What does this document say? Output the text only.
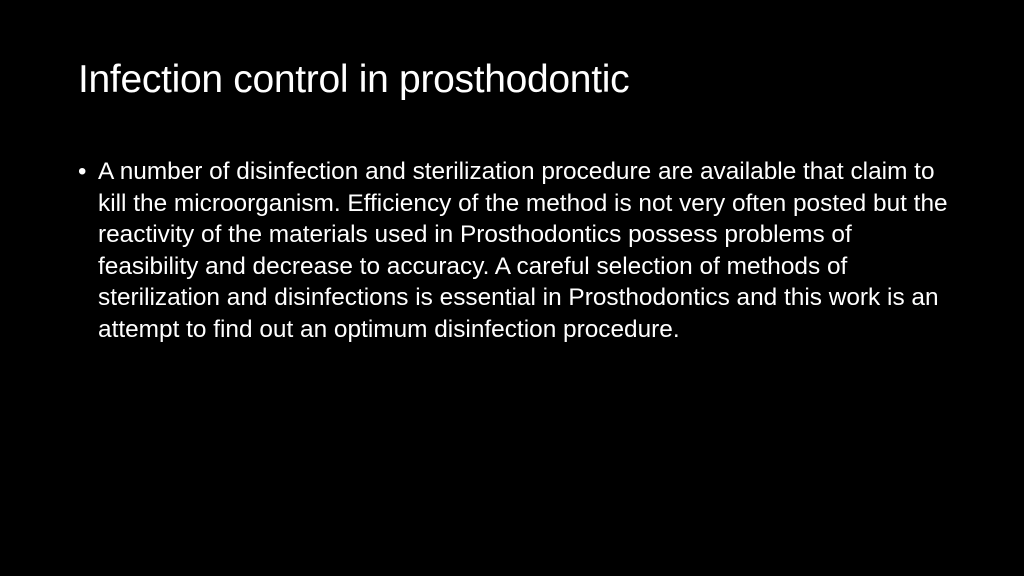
Infection control in prosthodontic

• A number of disinfection and sterilization procedure are available that claim to kill the microorganism. Efficiency of the method is not very often posted but the reactivity of the materials used in Prosthodontics possess problems of feasibility and decrease to accuracy. A careful selection of methods of sterilization and disinfections is essential in Prosthodontics and this work is an attempt to find out an optimum disinfection procedure.
